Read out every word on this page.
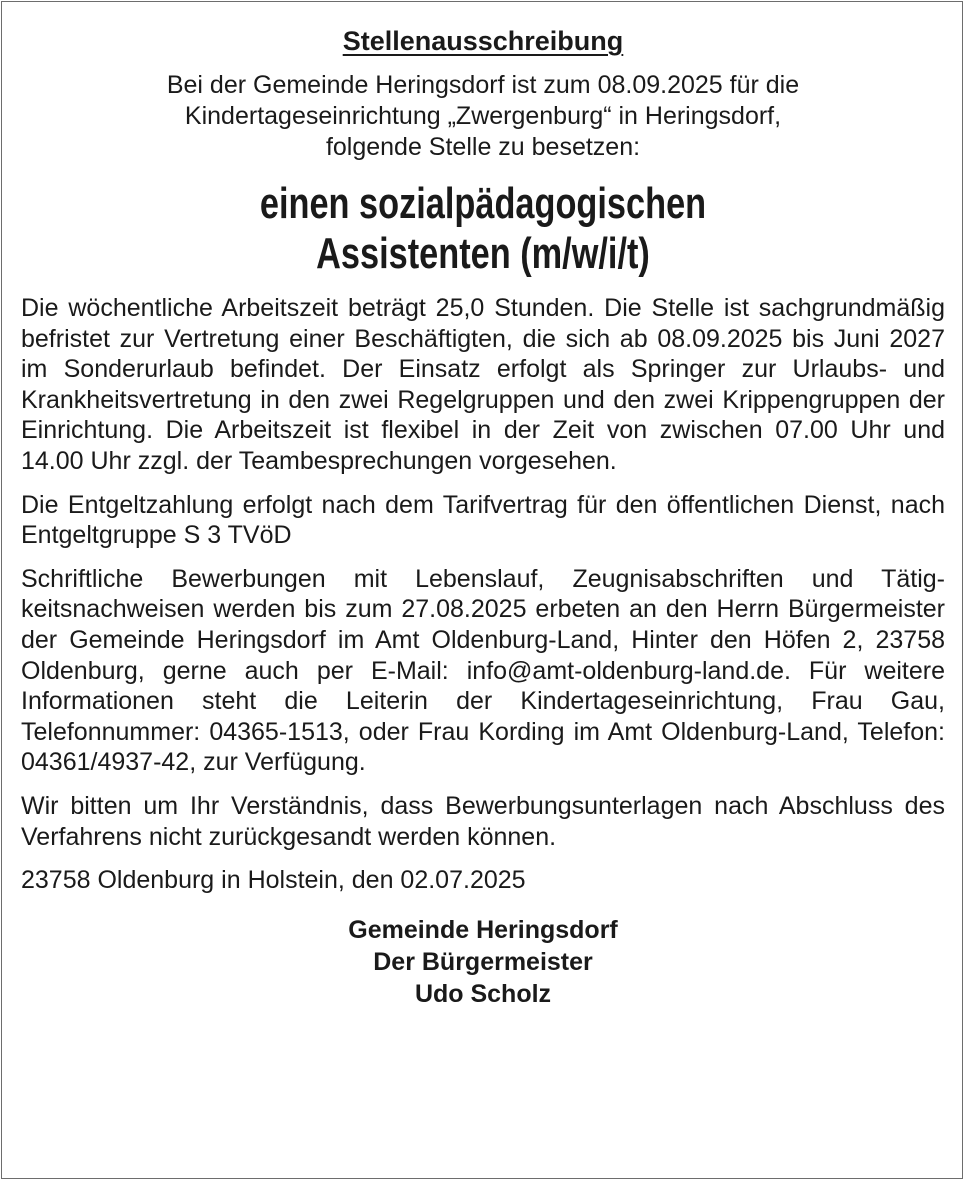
Stellenausschreibung
Bei der Gemeinde Heringsdorf ist zum 08.09.2025 für die
Kindertageseinrichtung „Zwergenburg“ in Heringsdorf,
folgende Stelle zu besetzen:
einen sozialpädagogischen
Assistenten (m/w/i/t)

Die wöchentliche Arbeitszeit beträgt 25,0 Stunden. Die Stelle ist sachgrundmäßig befristet zur Vertretung einer Beschäftigten, die sich ab 08.09.2025 bis Juni 2027 im Sonderurlaub befindet. Der Einsatz erfolgt als Springer zur Urlaubs- und Krankheitsvertretung in den zwei Regelgruppen und den zwei Krippengruppen der Einrichtung. Die Arbeitszeit ist flexibel in der Zeit von zwischen 07.00 Uhr und 14.00 Uhr zzgl. der Teambesprechungen vorgesehen.

Die Entgeltzahlung erfolgt nach dem Tarifvertrag für den öffentlichen Dienst, nach Entgeltgruppe S 3 TVöD

Schriftliche Bewerbungen mit Lebenslauf, Zeugnisabschriften und Tätigkeitsnachweisen werden bis zum 27.08.2025 erbeten an den Herrn Bürgermeister der Gemeinde Heringsdorf im Amt Oldenburg-Land, Hinter den Höfen 2, 23758 Oldenburg, gerne auch per E-Mail: info@amt-oldenburg-land.de. Für weitere Informationen steht die Leiterin der Kindertageseinrichtung, Frau Gau, Telefonnummer: 04365-1513, oder Frau Kording im Amt Oldenburg-Land, Telefon: 04361/4937-42, zur Verfügung.

Wir bitten um Ihr Verständnis, dass Bewerbungsunterlagen nach Abschluss des Verfahrens nicht zurückgesandt werden können.

23758 Oldenburg in Holstein, den 02.07.2025

Gemeinde Heringsdorf
Der Bürgermeister
Udo Scholz
